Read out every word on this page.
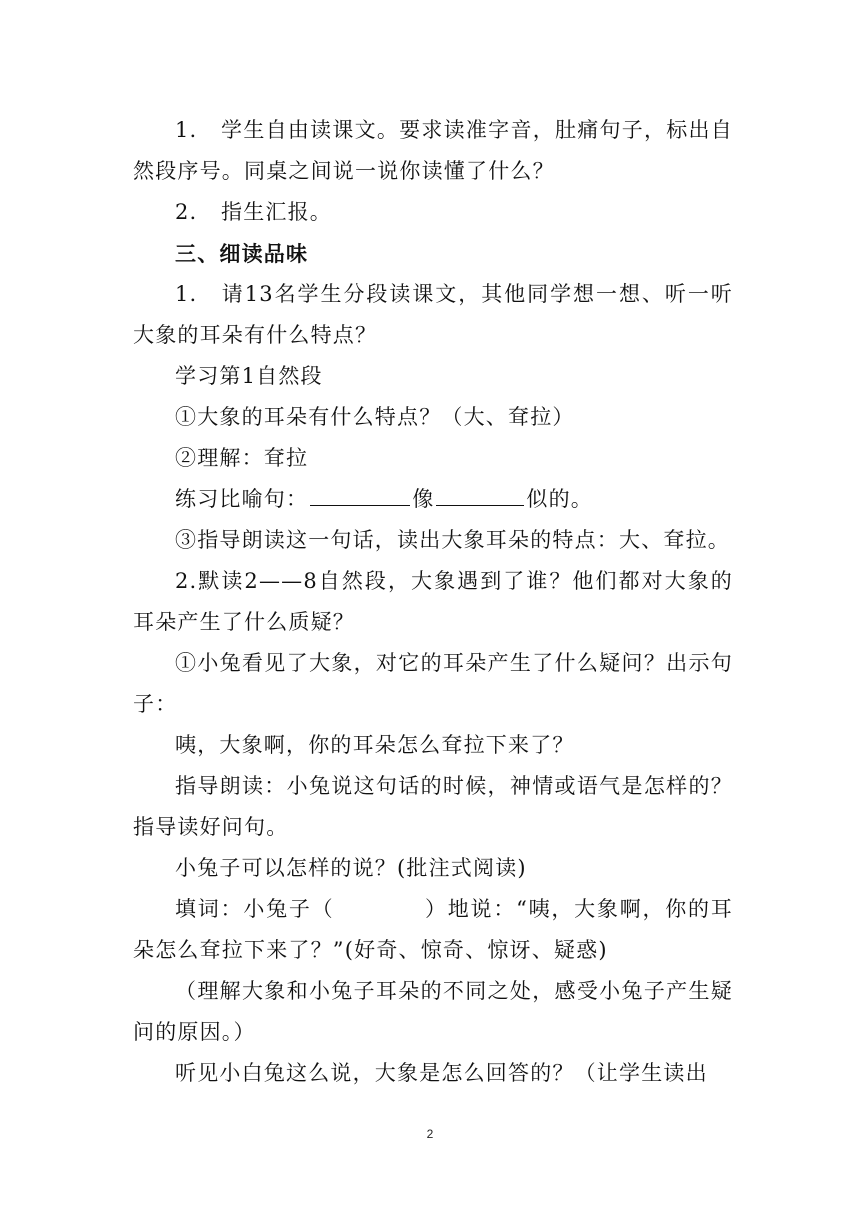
1. 学生自由读课文。要求读准字音，肚痛句子，标出自然段序号。同桌之间说一说你读懂了什么？

2. 指生汇报。

三、细读品味

1. 请13名学生分段读课文，其他同学想一想、听一听大象的耳朵有什么特点？

学习第1自然段

①大象的耳朵有什么特点？（大、耷拉）

②理解：耷拉

练习比喻句：	像	似的。

③指导朗读这一句话，读出大象耳朵的特点：大、耷拉。

2.默读2——8自然段，大象遇到了谁？他们都对大象的耳朵产生了什么质疑？

①小兔看见了大象，对它的耳朵产生了什么疑问？出示句子：

咦，大象啊，你的耳朵怎么耷拉下来了？

指导朗读：小兔说这句话的时候，神情或语气是怎样的？指导读好问句。

小兔子可以怎样的说？(批注式阅读)

填词：小兔子（	）地说：“咦，大象啊，你的耳朵怎么耷拉下来了？”(好奇、惊奇、惊讶、疑惑)

（理解大象和小兔子耳朵的不同之处，感受小兔子产生疑问的原因。）

听见小白兔这么说，大象是怎么回答的？（让学生读出

2
